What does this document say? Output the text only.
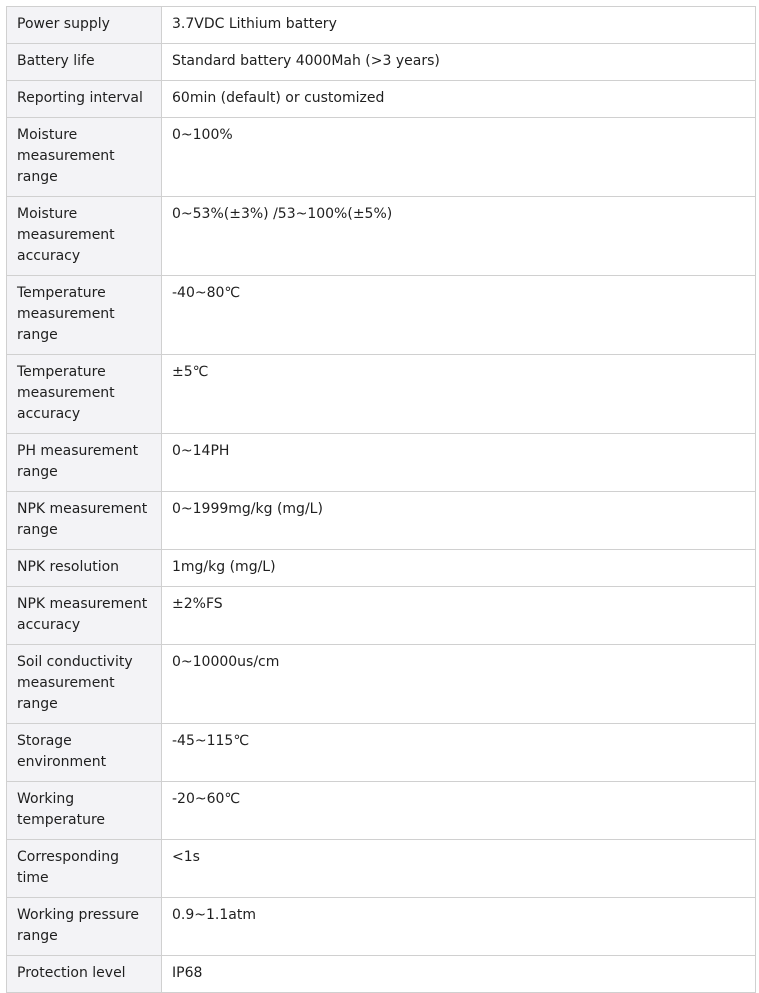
Power supply	3.7VDC Lithium battery
Battery life	Standard battery 4000Mah (>3 years)
Reporting interval	60min (default) or customized
Moisture measurement range	0~100%
Moisture measurement accuracy	0~53%(±3%) /53~100%(±5%)
Temperature measurement range	-40~80℃
Temperature measurement accuracy	±5℃
PH measurement range	0~14PH
NPK measurement range	0~1999mg/kg (mg/L)
NPK resolution	1mg/kg (mg/L)
NPK measurement accuracy	±2%FS
Soil conductivity measurement range	0~10000us/cm
Storage environment	-45~115℃
Working temperature	-20~60℃
Corresponding time	<1s
Working pressure range	0.9~1.1atm
Protection level	IP68
